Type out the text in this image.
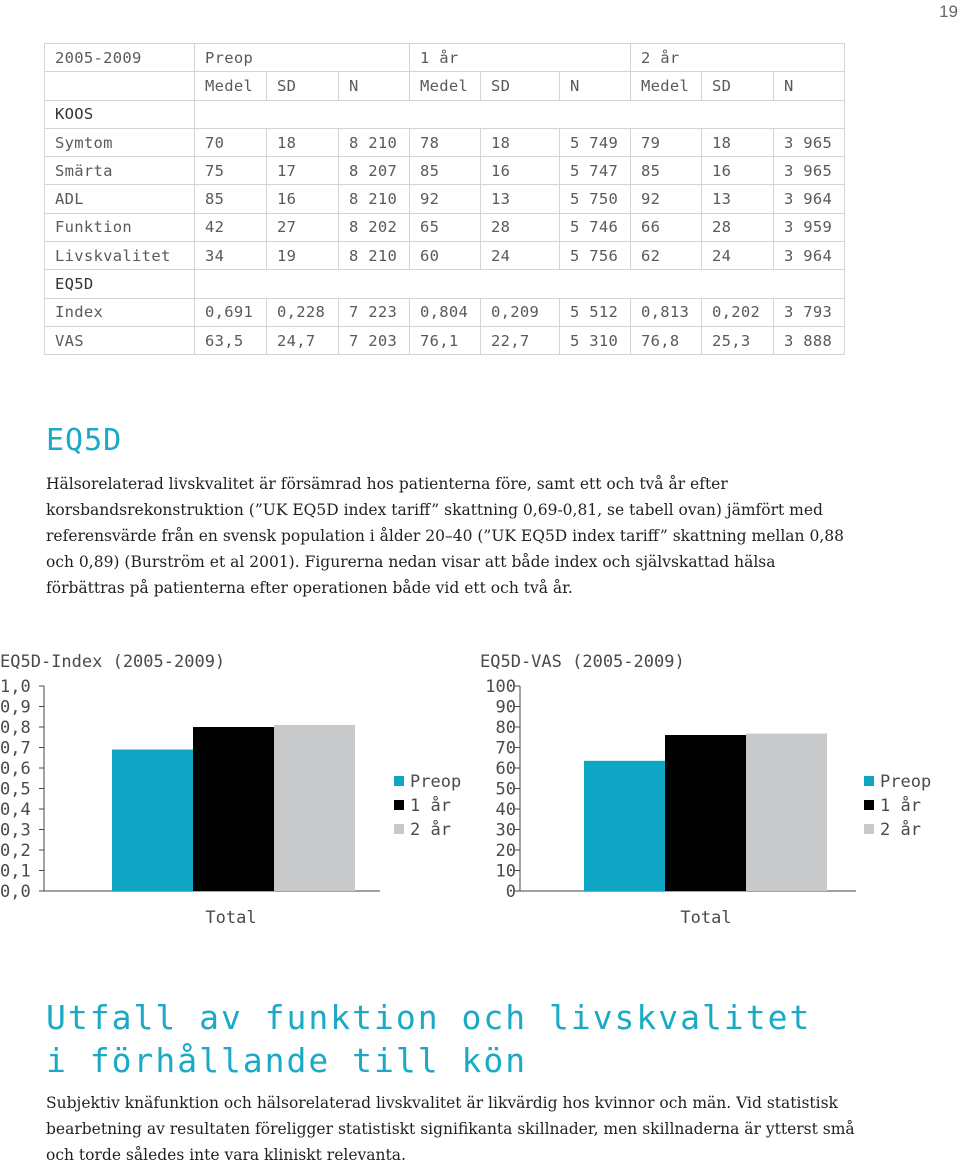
19
2005-2009	Preop			1 år			2 år		
	Medel	SD	N	Medel	SD	N	Medel	SD	N
KOOS									
Symtom	70	18	8 210	78	18	5 749	79	18	3 965
Smärta	75	17	8 207	85	16	5 747	85	16	3 965
ADL	85	16	8 210	92	13	5 750	92	13	3 964
Funktion	42	27	8 202	65	28	5 746	66	28	3 959
Livskvalitet	34	19	8 210	60	24	5 756	62	24	3 964
EQ5D									
Index	0,691	0,228	7 223	0,804	0,209	5 512	0,813	0,202	3 793
VAS	63,5	24,7	7 203	76,1	22,7	5 310	76,8	25,3	3 888
EQ5D

Hälsorelaterad livskvalitet är försämrad hos patienterna före, samt ett och två år efter korsbandsrekonstruktion (”UK EQ5D index tariff” skattning 0,69-0,81, se tabell ovan) jämfört med referensvärde från en svensk population i ålder 20–40 (”UK EQ5D index tariff” skattning mellan 0,88 och 0,89) (Burström et al 2001). Figurerna nedan visar att både index och självskattad hälsa förbättras på patienterna efter operationen både vid ett och två år.

EQ5D-Index (2005-2009)
1,0
0,9
0,8
0,7
0,6
0,5
0,4
0,3
0,2
0,1
0,0
Total
Preop
1 år
2 år
EQ5D-VAS (2005-2009)
100
90
80
70
60
50
40
30
20
10
0
Total
Preop
1 år
2 år
Utfall av funktion och livskvalitet
i förhållande till kön

Subjektiv knäfunktion och hälsorelaterad livskvalitet är likvärdig hos kvinnor och män. Vid statistisk bearbetning av resultaten föreligger statistiskt signifikanta skillnader, men skillnaderna är ytterst små och torde således inte vara kliniskt relevanta.
